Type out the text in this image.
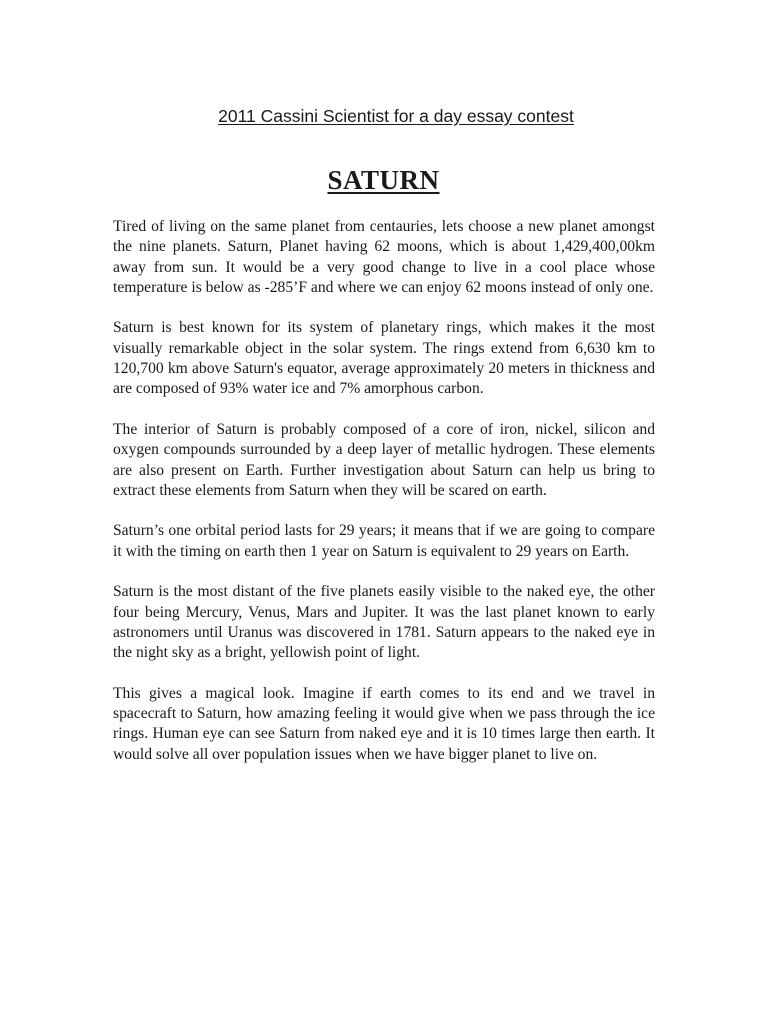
2011 Cassini Scientist for a day essay contest
SATURN

Tired of living on the same planet from centauries, lets choose a new planet amongst the nine planets. Saturn, Planet having 62 moons, which is about 1,429,400,00km away from sun. It would be a very good change to live in a cool place whose temperature is below as -285’F and where we can enjoy 62 moons instead of only one.

Saturn is best known for its system of planetary rings, which makes it the most visually remarkable object in the solar system. The rings extend from 6,630 km to 120,700 km above Saturn's equator, average approximately 20 meters in thickness and are composed of 93% water ice and 7% amorphous carbon.

The interior of Saturn is probably composed of a core of iron, nickel, silicon and oxygen compounds surrounded by a deep layer of metallic hydrogen. These elements are also present on Earth. Further investigation about Saturn can help us bring to extract these elements from Saturn when they will be scared on earth.

Saturn’s one orbital period lasts for 29 years; it means that if we are going to compare it with the timing on earth then 1 year on Saturn is equivalent to 29 years on Earth.

Saturn is the most distant of the five planets easily visible to the naked eye, the other four being Mercury, Venus, Mars and Jupiter. It was the last planet known to early astronomers until Uranus was discovered in 1781. Saturn appears to the naked eye in the night sky as a bright, yellowish point of light.

This gives a magical look. Imagine if earth comes to its end and we travel in spacecraft to Saturn, how amazing feeling it would give when we pass through the ice rings. Human eye can see Saturn from naked eye and it is 10 times large then earth. It would solve all over population issues when we have bigger planet to live on.
